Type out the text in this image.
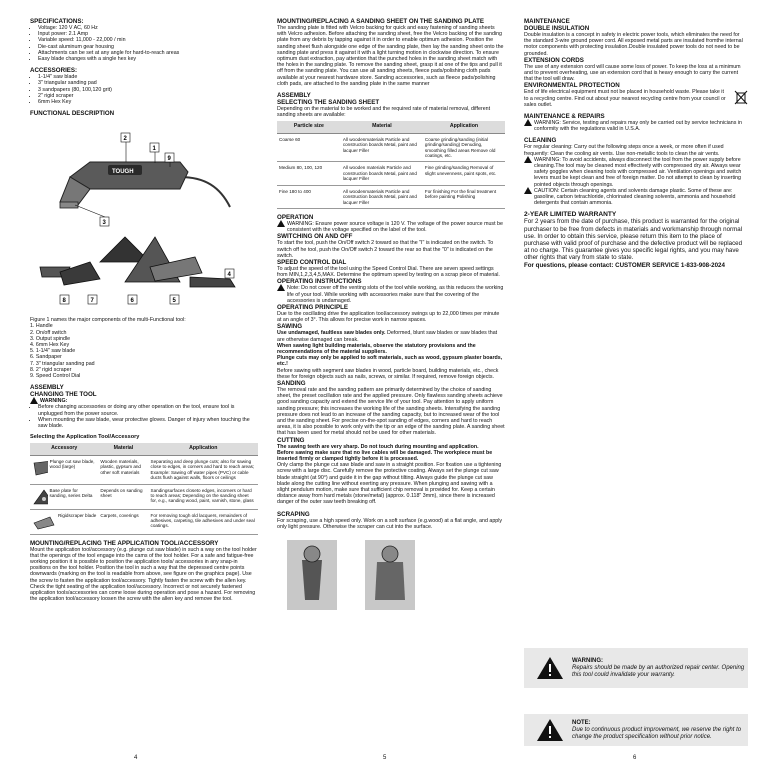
SPECIFICATIONS:
• Voltage: 120 V AC, 60 Hz
• Input power: 2.1 Amp
• Variable speed: 11,000 - 22,000 / min
• Die-cast aluminum gear housing
• Attachments can be set at any angle for hard-to-reach areas
• Easy blade changes with a single hex key
ACCESSORIES:
• 1-1/4" saw blade
• 3" triangular sanding pad
• 3 sandpapers (80, 100,120 grit)
• 2" rigid scraper
• 6mm Hex Key
FUNCTIONAL DESCRIPTION
TOUGH
2
1
9
3
4
8	7	6	5

Figure 1 names the major components of the multi-Functional tool:

1. Handle

2. On/off switch

3. Output spindle

4. 6mm Hex Key

5. 1-1/4" saw blade

6. Sandpaper

7. 3" triangular sanding pad

8. 2" rigid scraper

9. Speed Control Dial

ASSEMBLY
CHANGING THE TOOL
WARNING:
• Before changing accessories or doing any other operation on the tool, ensure tool is unplugged from the power source.
• When mounting the saw blade, wear protective gloves. Danger of injury when touching the saw blade.

Selecting the Application Tool/Accessory

Accessory	Material	Application

Plunge cut saw blade, wood (large)	Wooden materials, plastic, gypsum and other soft materials	Separating and deep plunge cuts; also for sawing close to edges, in corners and hard to reach areas; Example: Sawing off water pipes (PVC) or cable ducts flush against walls, floors or ceilings

Base plate for sanding, series Delta	Depends on sanding sheet	Sandingsurfaces closeto edges, incorners or hard to reach areas; Depending on the sanding sheet for, e.g., sanding wood, paint, varnish, stone, glass

Rigidscraper blade	Carpets, coverings	For removing tough old lacquers, remainders of adhesives, carpeting, tile adhesives and under seal coatings.
MOUNTING/REPLACING THE APPLICATION TOOL/ACCESSORY

Mount the application tool/accessory (e.g. plunge cut saw blade) in such a way on the tool holder that the openings of the tool engage into the cams of the tool holder. For a safe and fatigue-free working position it is possible to position the application tools/ accessories in any snap-in positions on the tool holder. Position the tool in such a way that the depressed centre points downwards (marking on the tool is readable from above, see figure on the graphics page). Use the screw to fasten the application tool/accessory. Tightly fasten the screw with the allen key. Check the tight seating of the application tool/accessory. Incorrect or not securely fastened application tools/accessories can come loose during operation and pose a hazard. For removing the application tool/accessory loosen the screw with the allen key and remove the tool.

MOUNTING/REPLACING A SANDING SHEET ON THE SANDING PLATE

The sanding plate is fitted with Velcro backing for quick and easy fastening of sanding sheets with Velcro adhesion. Before attaching the sanding sheet, free the Velcro backing of the sanding plate from any debris by tapping against it in order to enable optimum adhesion. Position the sanding sheet flush alongside one edge of the sanding plate, then lay the sanding sheet onto the sanding plate and press it against it with a light turning motion in clockwise direction. To ensure optimum dust extraction, pay attention that the punched holes in the sanding sheet match with the holes in the sanding plate. To remove the sanding sheet, grasp it at one of the tips and pull it off from the sanding plate. You can use all sanding sheets, fleece pads/polishing cloth pads available at your nearest hardware store. Sanding accessories, such as fleece pads/polishing cloth pads, are attached to the sanding plate in the same manner

ASSEMBLY
SELECTING THE SANDING SHEET

Depending on the material to be worked and the required rate of material removal, different sanding sheets are available:

Particle size	Material	Application
Coarse 60	All woodenmaterials Particle and construction boards Metal, paint and lacquer Filler	Coarse grinding/sanding (initial grinding/sanding) Denuding, smoothing filled areas Remove old coatings, etc.
Medium 80, 100, 120	All wooden materials Particle and construction boards Metal, paint and lacquer Filler	Fine grinding/sanding Removal of slight unevenness, paint spots, etc.
Fine 180 to 400	All woodenmaterials Particle and construction boards Metal, paint and lacquer Filler	For finishing For the final treatment before painting Polishing
OPERATION
WARNING: Ensure power source voltage is 120 V. The voltage of the power source must be consistent with the voltage specified on the label of the tool.
SWITCHING ON AND OFF

To start the tool, push the On/Off switch 2 toward so that the "I" is indicated on the switch. To switch off he tool, push the On/Off switch 2 toward the rear so that the "0" is indicated on the switch.

SPEED CONTROL DIAL

To adjust the speed of the tool using the Speed Control Dial. There are seven speed settings from MIN,1,2,3,4,5,MAX. Determine the optimum speed by testing on a scrap piece of material.

OPERATING INSTRUCTIONS
Note: Do not cover off the venting slots of the tool while working, as this reduces the working life of your tool. While working with accessories make sure that the covering of the accessories is undamaged.
OPERATING PRINCIPLE

Due to the oscillating drive the application tool/accessory swings up to 22,000 times per minute at an angle of 3°. This allows for precise work in narrow spaces.

SAWING

Use undamaged, faultless saw blades only. Deformed, blunt saw blades or saw blades that are otherwise damaged can break.

When sawing light building materials, observe the statutory provisions and the recommendations of the material suppliers.

Plunge cuts may only be applied to soft materials, such as wood, gypsum plaster boards, etc.!

Before sawing with segment saw blades in wood, particle board, building materials, etc., check these for foreign objects such as nails, screws, or similar. If required, remove foreign objects.

SANDING

The removal rate and the sanding pattern are primarily determined by the choice of sanding sheet, the preset oscillation rate and the applied pressure. Only flawless sanding sheets achieve good sanding capacity and extend the service life of your tool. Pay attention to apply uniform sanding pressure; this increases the working life of the sanding sheets. Intensifying the sanding pressure does not lead to an increase of the sanding capacity, but to increased wear of the tool and the sanding sheet. For precise on-the-spot sanding of edges, corners and hard to reach areas, it is also possible to work only with the tip or an edge of the sanding plate. A sanding sheet that has been used for metal should not be used for other materials.

CUTTING

The sawing teeth are very sharp. Do not touch during mounting and application.

Before sawing make sure that no live cables will be damaged. The workpiece must be inserted firmly or clamped tightly before it is processed.

Only clamp the plunge cut saw blade and saw in a straight position. For fixation use a tightening screw with a large disc. Carefully remove the protective coating. Always set the plunge cut saw blade straight (at 90°) and guide it in the gap without tilting. Always guide the plunge cut saw blade along the cutting line without exerting any pressure. When plunging and sawing with a slight pendulum motion, make sure that sufficient chip removal is provided for. Keep a certain distance away from hard metals (stone/metal) (approx. 0.118" 3mm), since there is increased danger of the outer saw teeth breaking off.

SCRAPING

For scraping, use a high speed only. Work on a soft surface (e.g.wood) at a flat angle, and apply only light pressure. Otherwise the scraper can cut into the surface.

MAINTENANCE
DOUBLE INSULATION

Double insulation is a concept in safety in electric power tools, which eliminates the need for the standard 3-wire ground power cord. All exposed metal parts are insulated fromthe internal motor components with protecting insulation.Double insulated power tools do not need to be grounded.

EXTENSION CORDS

The use of any extension cord will cause some loss of power. To keep the loss at a minimum and to prevent overheating, use an extension cord that is heavy enough to carry the current that the tool will draw.

ENVIRONMENTAL PROTECTION

End of life electrical equipment must not be placed in household waste. Please take it to a recycling centre. Find out about your nearest recycling centre from your council or sales outlet.

MAINTENANCE & REPAIRS
WARNING: Service, testing and repairs may only be carried out by service technicians in conformity with the regulations valid in U.S.A.
CLEANING

For regular cleaning: Carry out the following steps once a week, or more often if used frequently: Clean the cooling air vents. Use non-metallic tools to clean the air vents.

WARNING: To avoid accidents, always disconnect the tool from the power supply before cleaning.The tool may be cleaned most effectively with compressed dry air. Always wear safety goggles when cleaning tools with compressed air. Ventilation openings and switch levers must be kept clean and free of foreign matter. Do not attempt to clean by inserting pointed objects through openings.
CAUTION: Certain cleaning agents and solvents damage plastic. Some of these are: gasoline, carbon tetrachloride, chlorinated cleaning solvents, ammonia and household detergents that contain ammonia.
2-YEAR LIMITED WARRANTY

For 2 years from the date of purchase, this product is warranted for the original purchaser to be free from defects in materials and workmanship through normal use. In order to obtain this service, please return this item to the place of purchase with valid proof of purchase and the defective product will be replaced at no charge. This guarantee gives you specific legal rights, and you may have other rights that vary from state to state.

For questions, please contact: CUSTOMER SERVICE 1-833-908-2024

WARNING:
Repairs should be made by an authorized repair center. Opening this tool could invalidate your warranty.
NOTE:
Due to continuous product improvement, we reserve the right to change the product specification without prior notice.
4	5	6
